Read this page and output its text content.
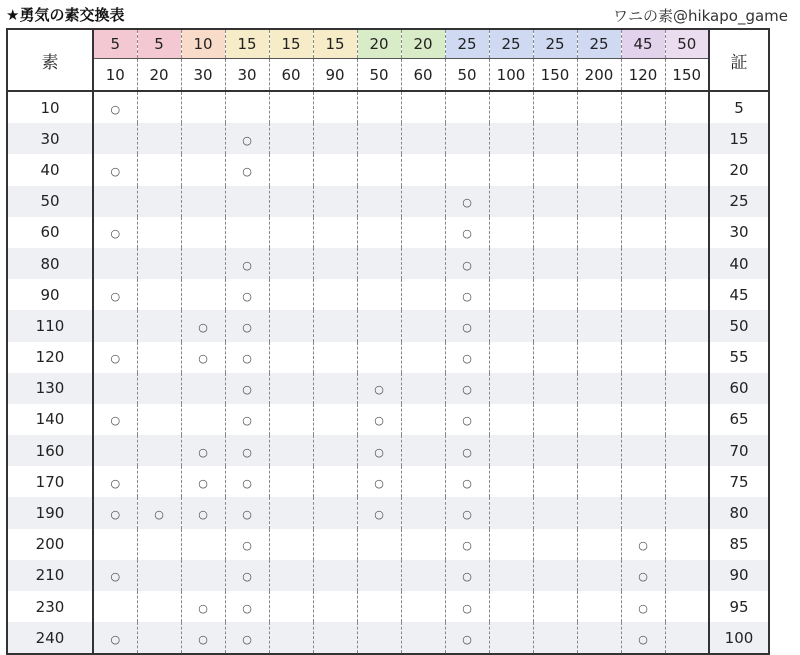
★勇気の素交換表	ワニの素@hikapo_game
素	5	5	10	15	15	15	20	20	25	25	25	25	45	50	証
	10	20	30	30	60	90	50	60	50	100	150	200	120	150	
10	○														5
30				○											15
40	○			○											20
50									○						25
60	○								○						30
80				○					○						40
90	○			○					○						45
110			○	○					○						50
120	○		○	○					○						55
130				○			○		○						60
140	○			○			○		○						65
160			○	○			○		○						70
170	○		○	○			○		○						75
190	○	○	○	○			○		○						80
200				○					○				○		85
210	○			○					○				○		90
230			○	○					○				○		95
240	○		○	○					○				○		100
